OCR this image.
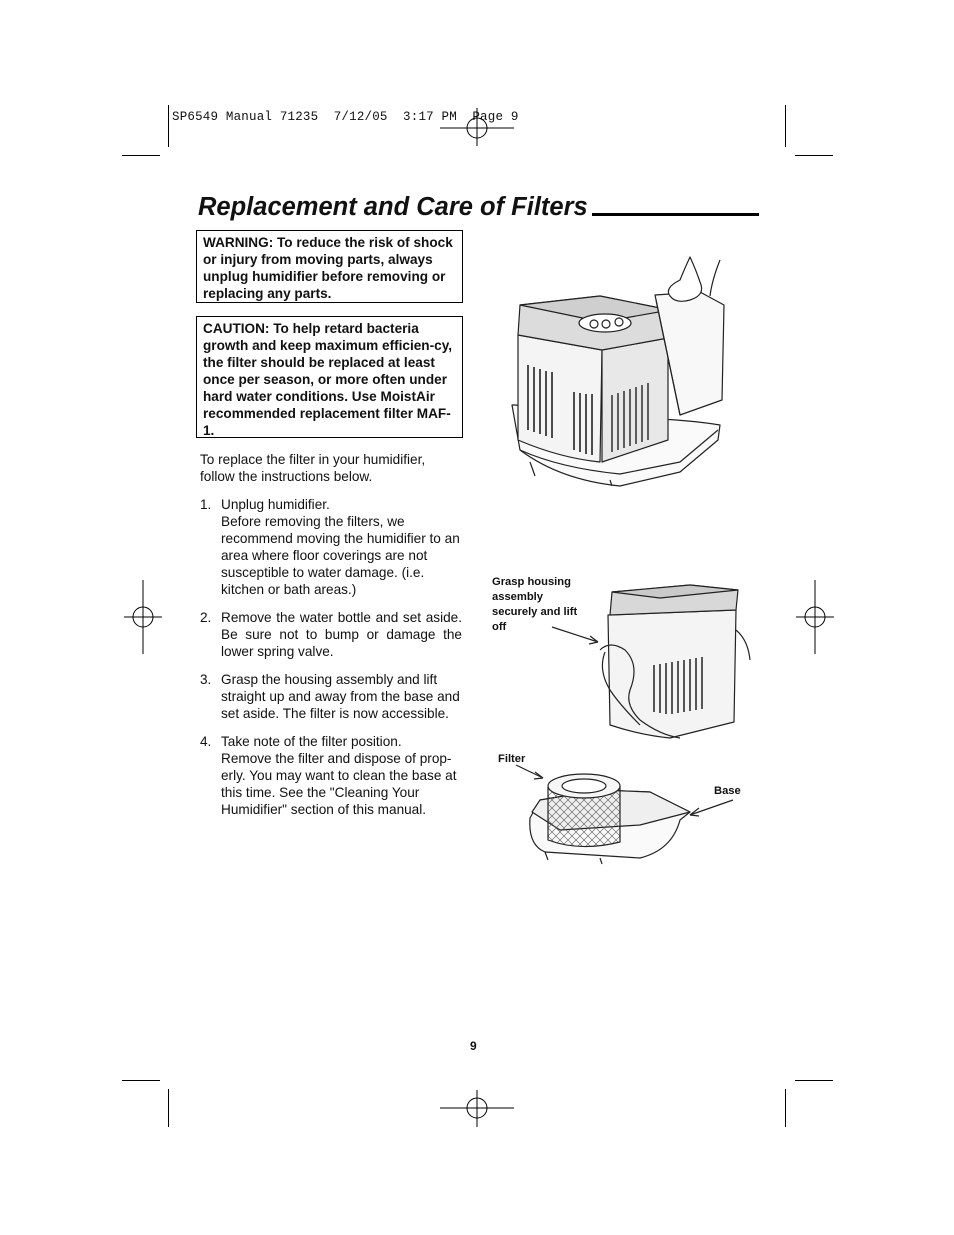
SP6549 Manual 71235  7/12/05  3:17 PM  Page 9
Replacement and Care of Filters

WARNING: To reduce the risk of shock or injury from moving parts, always unplug humidifier before removing or replacing any parts.

CAUTION: To help retard bacteria growth and keep maximum efficien-cy, the filter should be replaced at least once per season, or more often under hard water conditions. Use MoistAir recommended replacement filter MAF-1.

To replace the filter in your humidifier, follow the instructions below.
1. Unplug humidifier.
Before removing the filters, we recommend moving the humidifier to an area where floor coverings are not susceptible to water damage. (i.e. kitchen or bath areas.)
2. Remove the water bottle and set aside. Be sure not to bump or damage the lower spring valve.
3. Grasp the housing assembly and lift straight up and away from the base and set aside. The filter is now accessible.
4. Take note of the filter position.
Remove the filter and dispose of prop-erly. You may want to clean the base at this time. See the "Cleaning Your Humidifier" section of this manual.
Grasp housing assembly securely and lift off
Filter
Base
9
